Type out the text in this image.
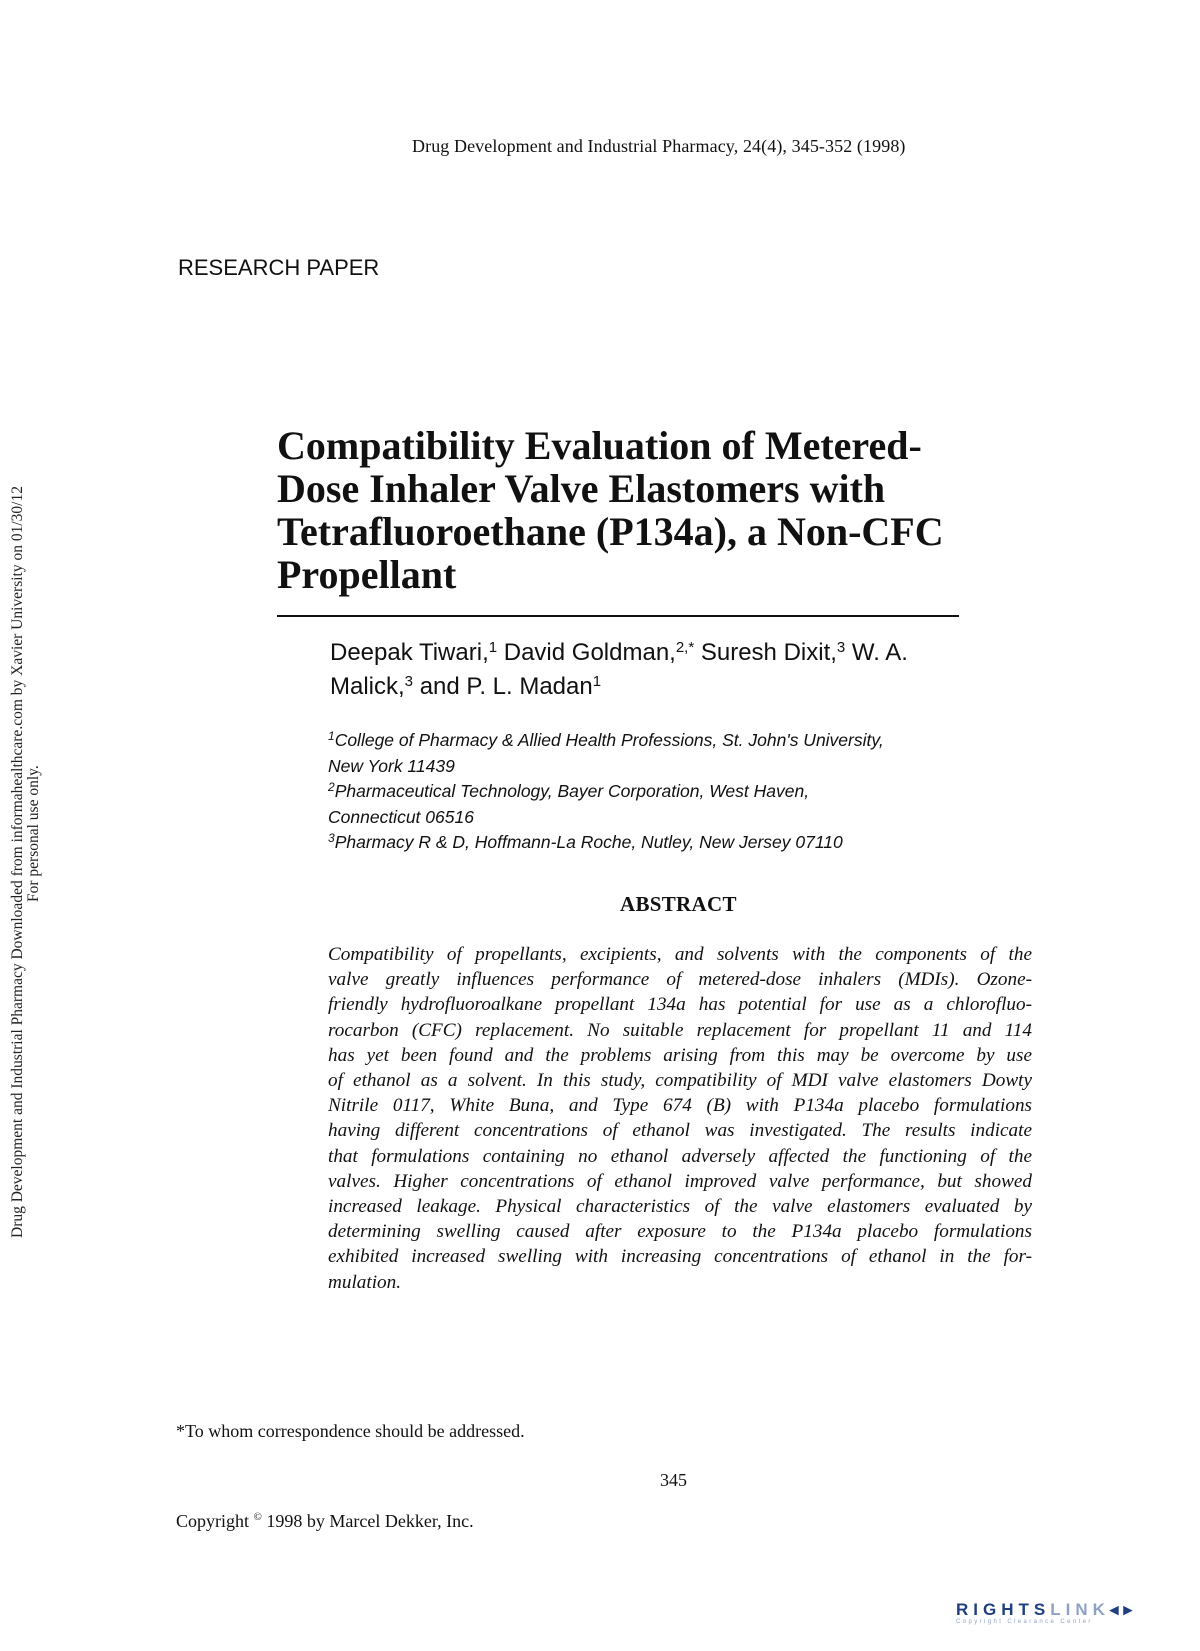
Drug Development and Industrial Pharmacy, 24(4), 345-352 (1998)
RESEARCH PAPER
Drug Development and Industrial Pharmacy Downloaded from informahealthcare.com by Xavier University on 01/30/12 For personal use only.
Compatibility Evaluation of Metered-
Dose Inhaler Valve Elastomers with
Tetrafluoroethane (P134a), a Non-CFC
Propellant
Deepak Tiwari,$^1$ David Goldman,$^{2,*}$ Suresh Dixit,$^3$ W. A.
Malick,$^3$ and P. L. Madan$^1$
$^1$College of Pharmacy & Allied Health Professions, St. John's University,
New York 11439
$^2$Pharmaceutical Technology, Bayer Corporation, West Haven,
Connecticut 06516
$^3$Pharmacy R & D, Hoffmann-La Roche, Nutley, New Jersey 07110
ABSTRACT
Compatibility of propellants, excipients, and solvents with the components of the
valve greatly influences performance of metered-dose inhalers (MDIs). Ozone-
friendly hydrofluoroalkane propellant 134a has potential for use as a chlorofluo-
rocarbon (CFC) replacement. No suitable replacement for propellant 11 and 114
has yet been found and the problems arising from this may be overcome by use
of ethanol as a solvent. In this study, compatibility of MDI valve elastomers Dowty
Nitrile 0117, White Buna, and Type 674 (B) with P134a placebo formulations
having different concentrations of ethanol was investigated. The results indicate
that formulations containing no ethanol adversely affected the functioning of the
valves. Higher concentrations of ethanol improved valve performance, but showed
increased leakage. Physical characteristics of the valve elastomers evaluated by
determining swelling caused after exposure to the P134a placebo formulations
exhibited increased swelling with increasing concentrations of ethanol in the for-
mulation.
*To whom correspondence should be addressed.
345
Copyright © 1998 by Marcel Dekker, Inc.
RIGHTSLINK◂▸
Copyright Clearance Center
